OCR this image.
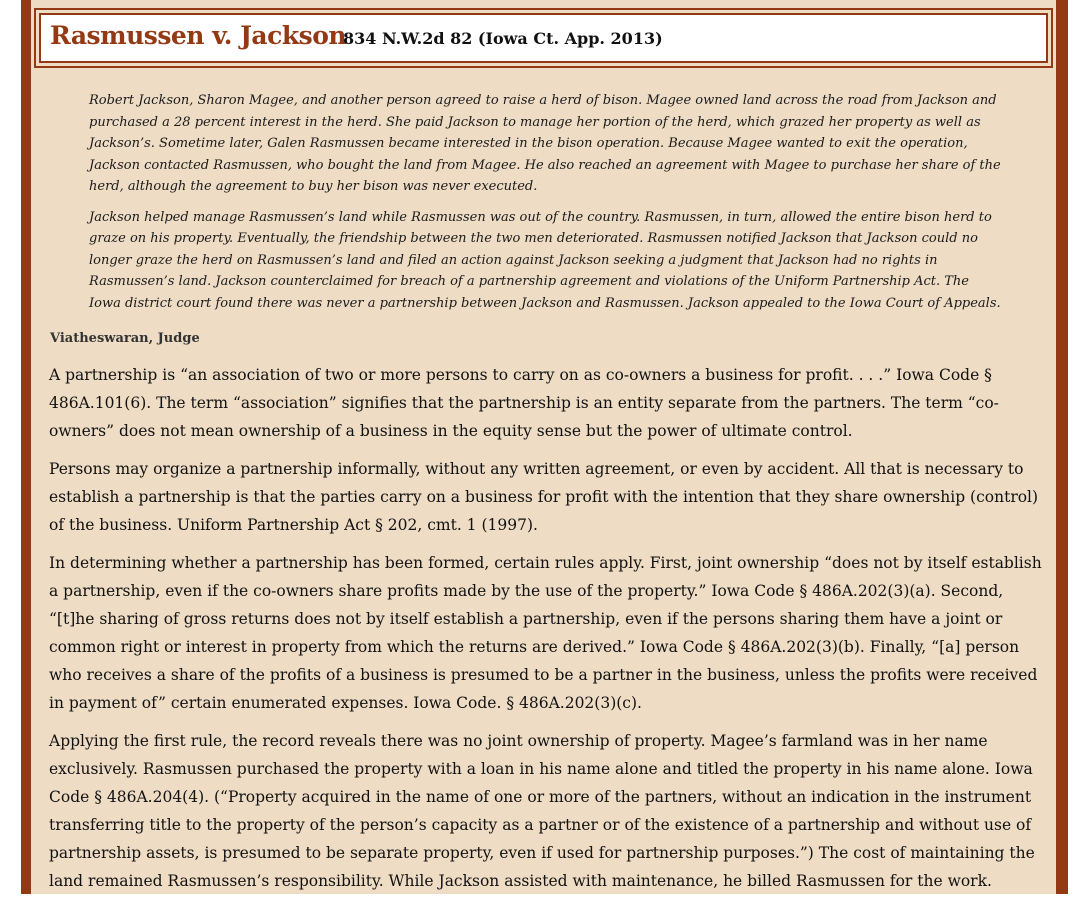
Rasmussen v. Jackson
834 N.W.2d 82 (Iowa Ct. App. 2013)

Robert Jackson, Sharon Magee, and another person agreed to raise a herd of bison. Magee owned land across the road from Jackson and purchased a 28 percent interest in the herd. She paid Jackson to manage her portion of the herd, which grazed her property as well as Jackson’s. Sometime later, Galen Rasmussen became interested in the bison operation. Because Magee wanted to exit the operation, Jackson contacted Rasmussen, who bought the land from Magee. He also reached an agreement with Magee to purchase her share of the herd, although the agreement to buy her bison was never executed.

Jackson helped manage Rasmussen’s land while Rasmussen was out of the country. Rasmussen, in turn, allowed the entire bison herd to graze on his property. Eventually, the friendship between the two men deteriorated. Rasmussen notified Jackson that Jackson could no longer graze the herd on Rasmussen’s land and filed an action against Jackson seeking a judgment that Jackson had no rights in Rasmussen’s land. Jackson counterclaimed for breach of a partnership agreement and violations of the Uniform Partnership Act. The Iowa district court found there was never a partnership between Jackson and Rasmussen. Jackson appealed to the Iowa Court of Appeals.

Viatheswaran, Judge

A partnership is “an association of two or more persons to carry on as co-owners a business for profit. . . .” Iowa Code § 486A.101(6). The term “association” signifies that the partnership is an entity separate from the partners. The term “co-owners” does not mean ownership of a business in the equity sense but the power of ultimate control.

Persons may organize a partnership informally, without any written agreement, or even by accident. All that is necessary to establish a partnership is that the parties carry on a business for profit with the intention that they share ownership (control) of the business. Uniform Partnership Act § 202, cmt. 1 (1997).

In determining whether a partnership has been formed, certain rules apply. First, joint ownership “does not by itself establish a partnership, even if the co-owners share profits made by the use of the property.” Iowa Code § 486A.202(3)(a). Second, “[t]he sharing of gross returns does not by itself establish a partnership, even if the persons sharing them have a joint or common right or interest in property from which the returns are derived.” Iowa Code § 486A.202(3)(b). Finally, “[a] person who receives a share of the profits of a business is presumed to be a partner in the business, unless the profits were received in payment of” certain enumerated expenses. Iowa Code. § 486A.202(3)(c).

Applying the first rule, the record reveals there was no joint ownership of property. Magee’s farmland was in her name exclusively. Rasmussen purchased the property with a loan in his name alone and titled the property in his name alone. Iowa Code § 486A.204(4). (“Property acquired in the name of one or more of the partners, without an indication in the instrument transferring title to the property of the person’s capacity as a partner or of the existence of a partnership and without use of partnership assets, is presumed to be separate property, even if used for partnership purposes.”) The cost of maintaining the land remained Rasmussen’s responsibility. While Jackson assisted with maintenance, he billed Rasmussen for the work.
